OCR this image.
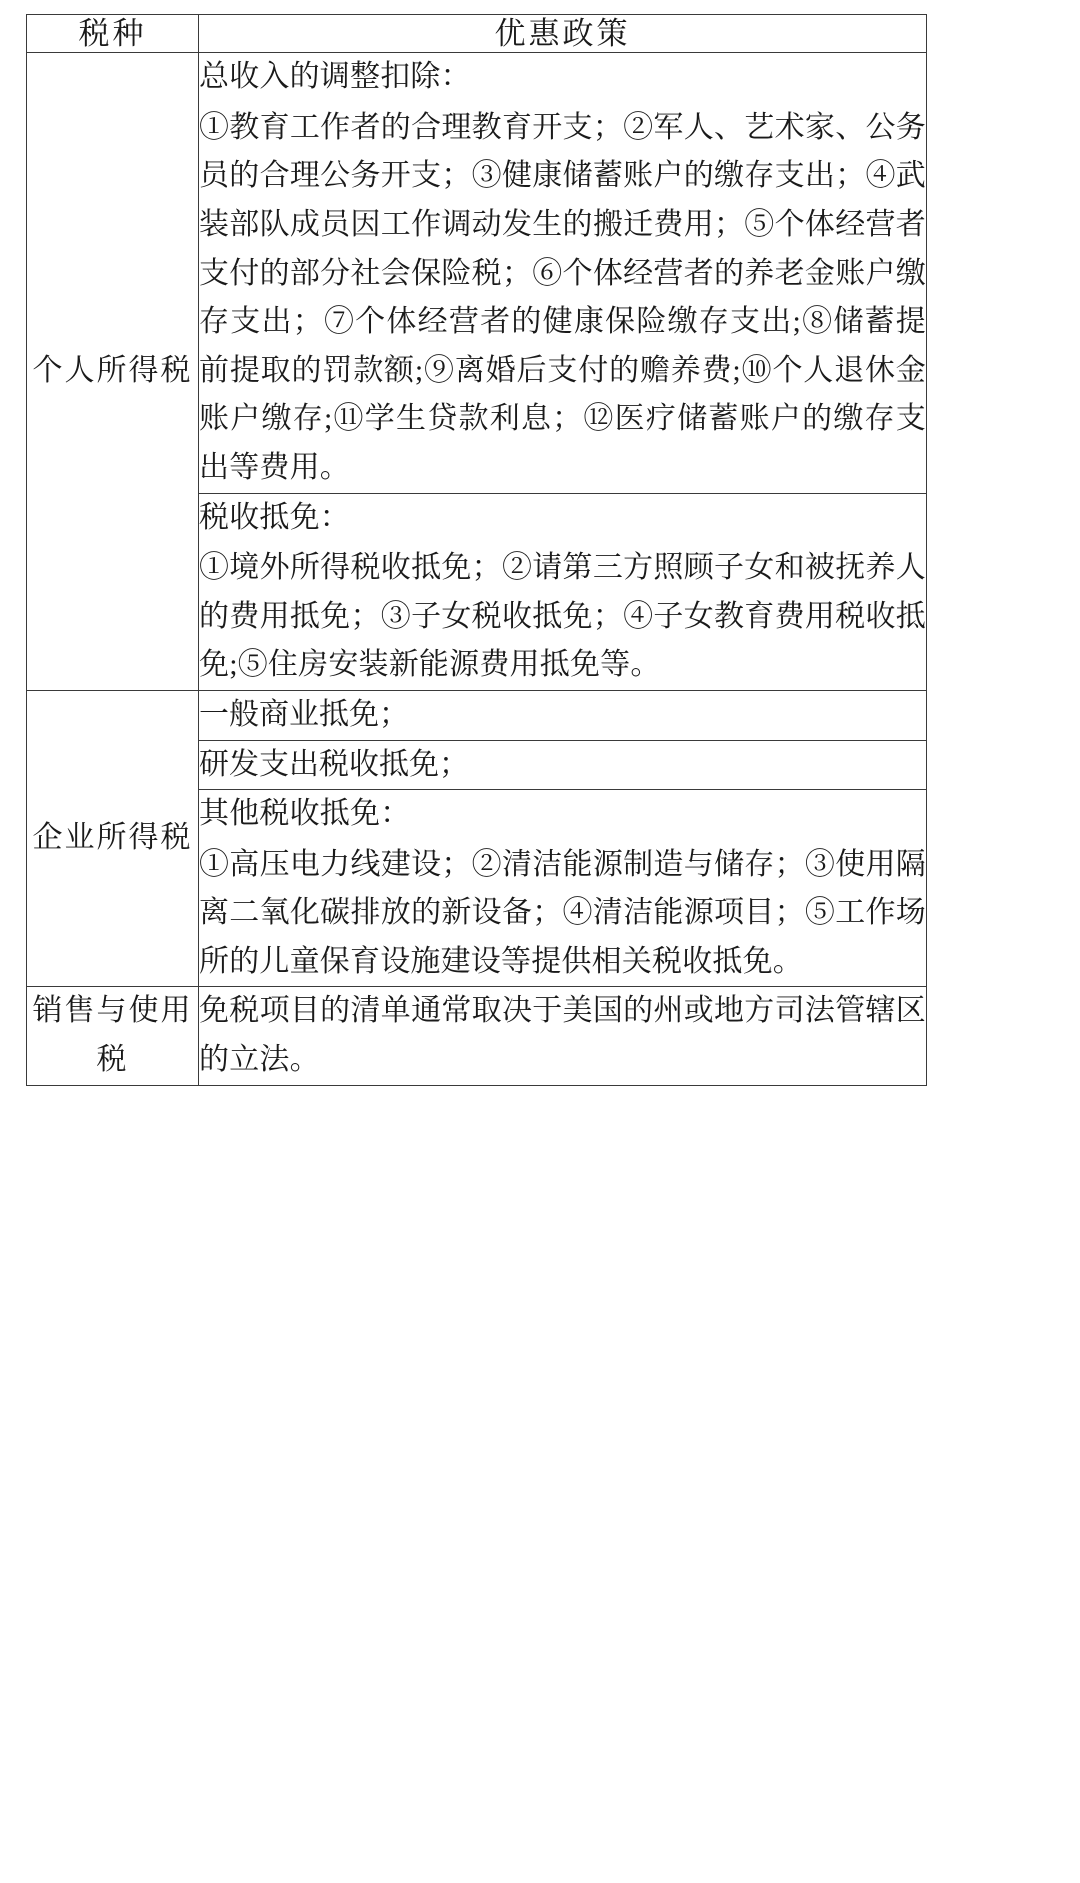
税种	优惠政策
个人所得税	总收入的调整扣除：
①教育工作者的合理教育开支；②军人、艺术家、公务员的合理公务开支；③健康储蓄账户的缴存支出；④武装部队成员因工作调动发生的搬迁费用；⑤个体经营者支付的部分社会保险税；⑥个体经营者的养老金账户缴存支出；⑦个体经营者的健康保险缴存支出;⑧储蓄提前提取的罚款额;⑨离婚后支付的赡养费;⑩个人退休金账户缴存;⑪学生贷款利息；⑫医疗储蓄账户的缴存支出等费用。

	税收抵免：
①境外所得税收抵免；②请第三方照顾子女和被抚养人的费用抵免；③子女税收抵免；④子女教育费用税收抵免;⑤住房安装新能源费用抵免等。

企业所得税	一般商业抵免；
	研发支出税收抵免；

	其他税收抵免：
①高压电力线建设；②清洁能源制造与储存；③使用隔离二氧化碳排放的新设备；④清洁能源项目；⑤工作场所的儿童保育设施建设等提供相关税收抵免。

销售与使用税	免税项目的清单通常取决于美国的州或地方司法管辖区的立法。
